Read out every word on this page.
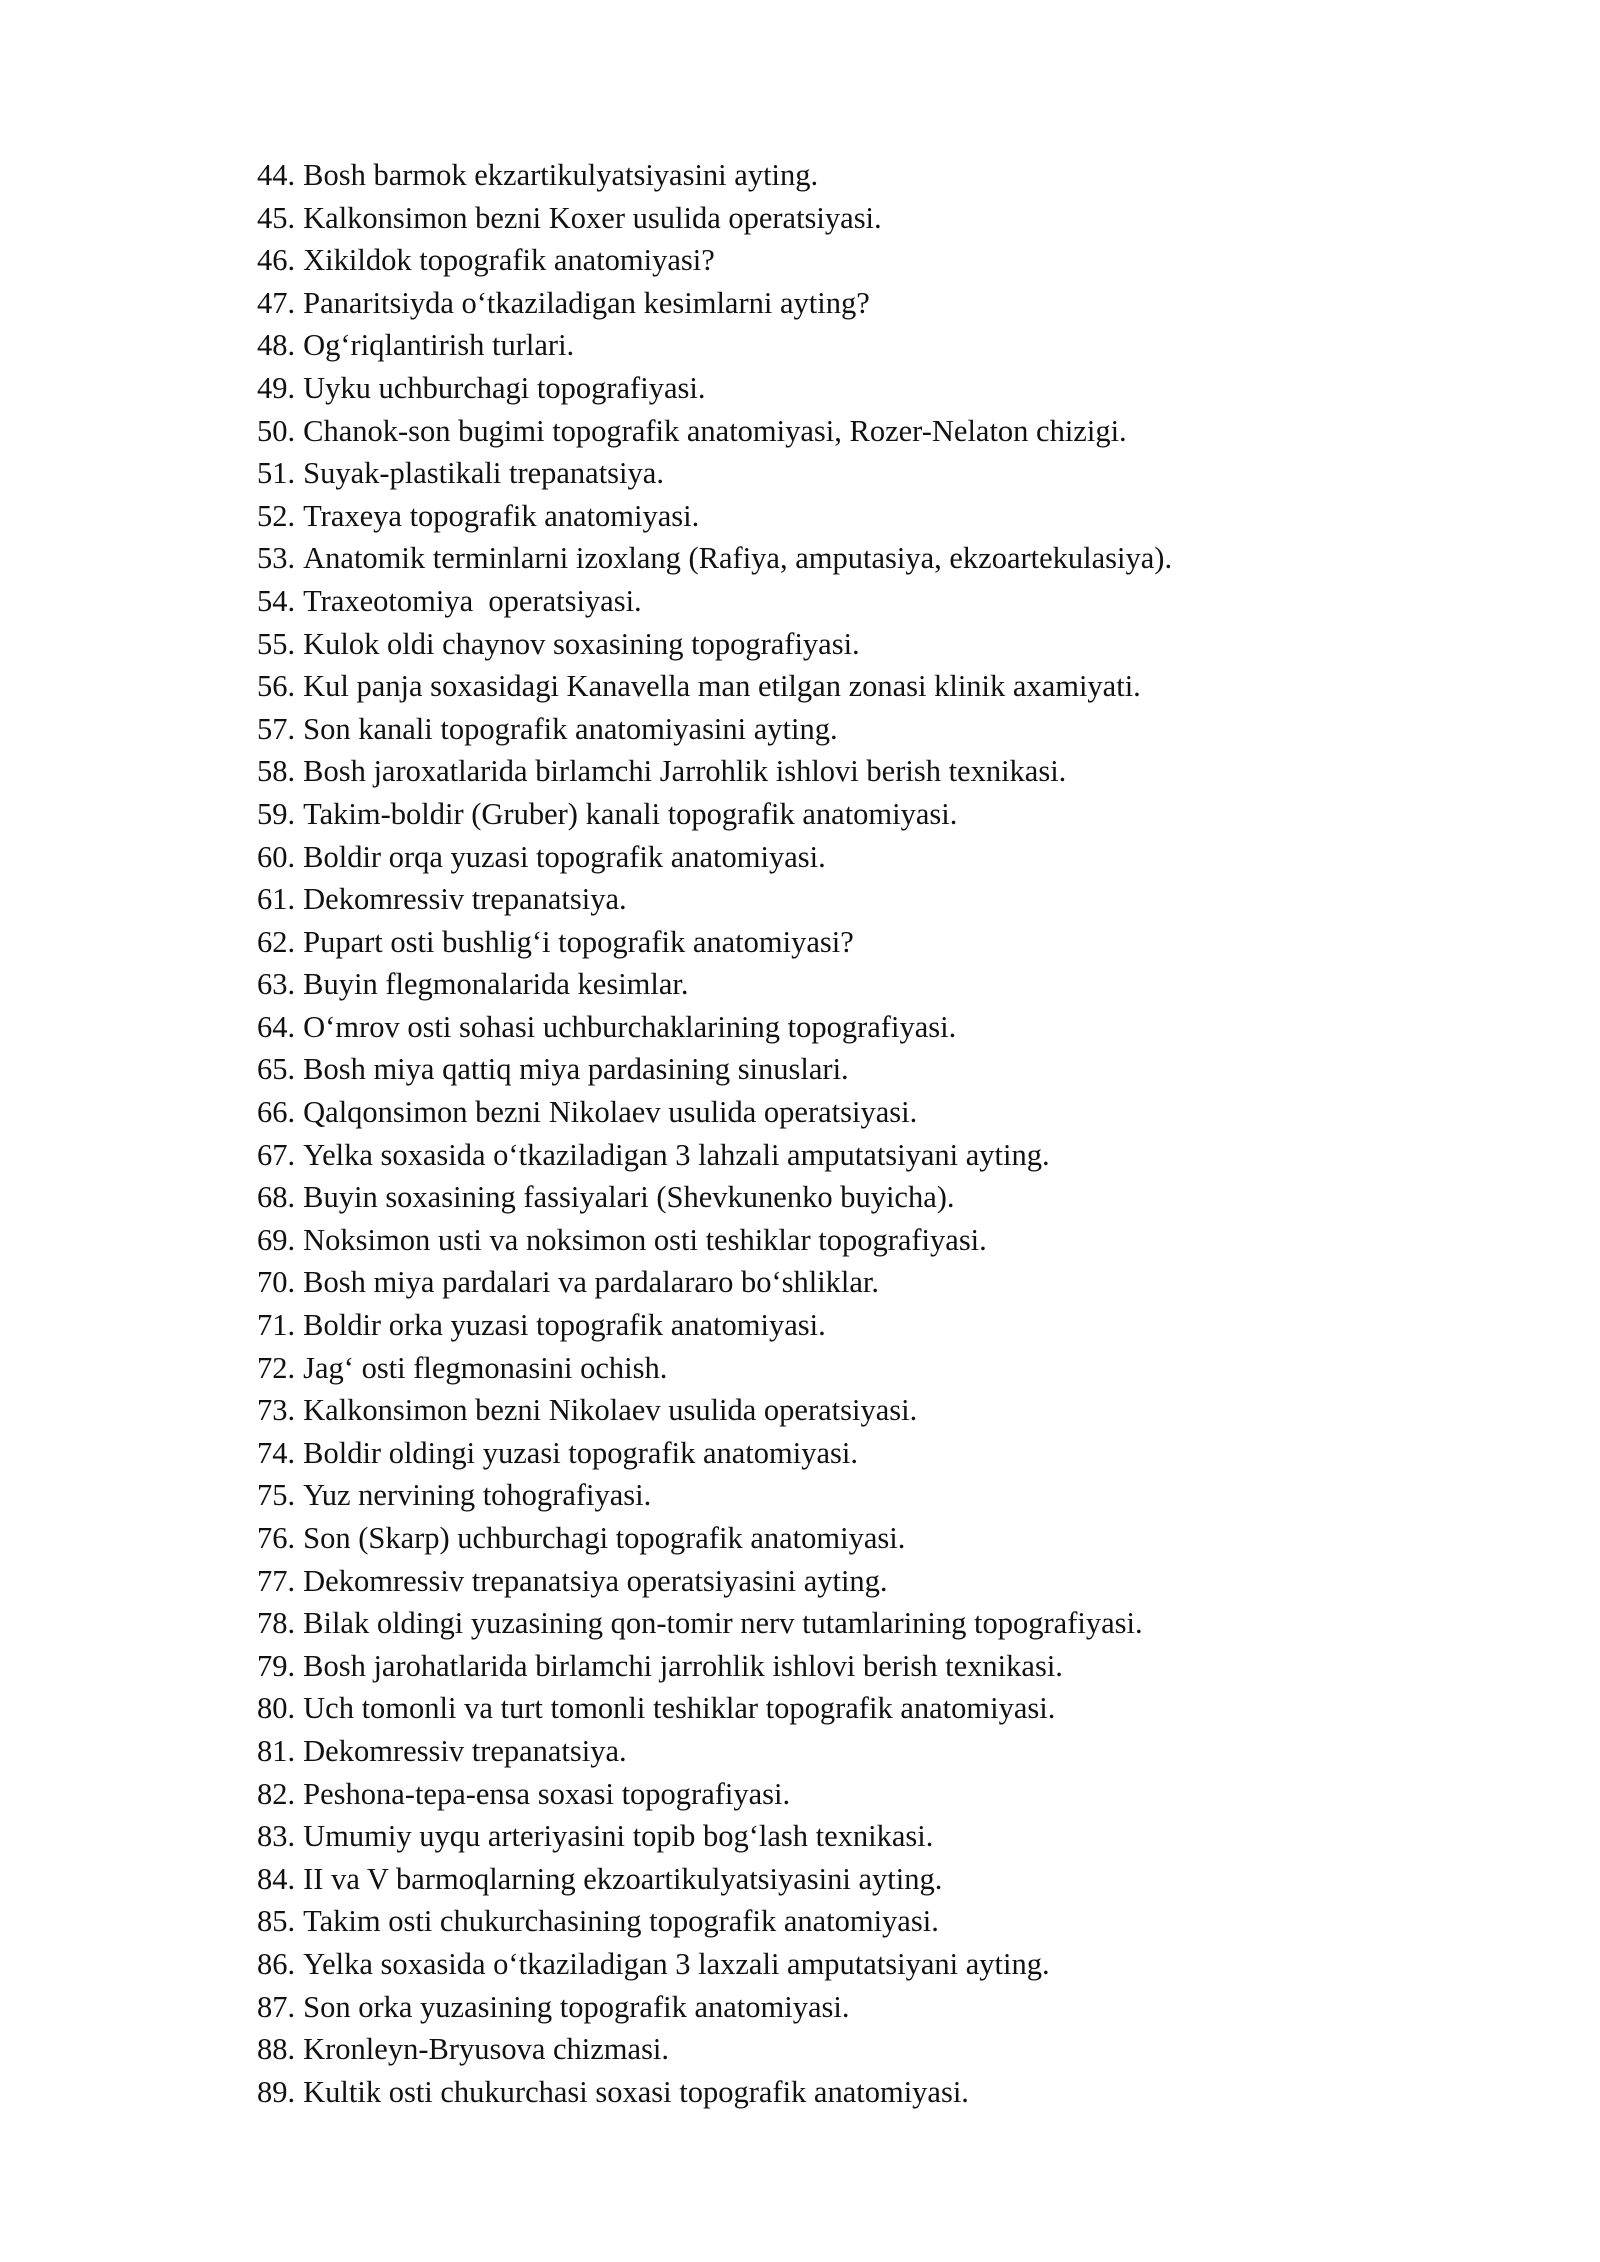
44. Bosh barmok ekzartikulyatsiyasini ayting.
45. Kalkonsimon bezni Koxer usulida operatsiyasi.
46. Xikildok topografik anatomiyasi?
47. Panaritsiyda o‘tkaziladigan kesimlarni ayting?
48. Og‘riqlantirish turlari.
49. Uyku uchburchagi topografiyasi.
50. Chanok-son bugimi topografik anatomiyasi, Rozer-Nelaton chizigi.
51. Suyak-plastikali trepanatsiya.
52. Traxeya topografik anatomiyasi.
53. Anatomik terminlarni izoxlang (Rafiya, amputasiya, ekzoartekulasiya).
54. Traxeotomiya  operatsiyasi.
55. Kulok oldi chaynov soxasining topografiyasi.
56. Kul panja soxasidagi Kanavella man etilgan zonasi klinik axamiyati.
57. Son kanali topografik anatomiyasini ayting.
58. Bosh jaroxatlarida birlamchi Jarrohlik ishlovi berish texnikasi.
59. Takim-boldir (Gruber) kanali topografik anatomiyasi.
60. Boldir orqa yuzasi topografik anatomiyasi.
61. Dekomressiv trepanatsiya.
62. Pupart osti bushlig‘i topografik anatomiyasi?
63. Buyin flegmonalarida kesimlar.
64. O‘mrov osti sohasi uchburchaklarining topografiyasi.
65. Bosh miya qattiq miya pardasining sinuslari.
66. Qalqonsimon bezni Nikolaev usulida operatsiyasi.
67. Yelka soxasida o‘tkaziladigan 3 lahzali amputatsiyani ayting.
68. Buyin soxasining fassiyalari (Shevkunenko buyicha).
69. Noksimon usti va noksimon osti teshiklar topografiyasi.
70. Bosh miya pardalari va pardalararo bo‘shliklar.
71. Boldir orka yuzasi topografik anatomiyasi.
72. Jag‘ osti flegmonasini ochish.
73. Kalkonsimon bezni Nikolaev usulida operatsiyasi.
74. Boldir oldingi yuzasi topografik anatomiyasi.
75. Yuz nervining tohografiyasi.
76. Son (Skarp) uchburchagi topografik anatomiyasi.
77. Dekomressiv trepanatsiya operatsiyasini ayting.
78. Bilak oldingi yuzasining qon-tomir nerv tutamlarining topografiyasi.
79. Bosh jarohatlarida birlamchi jarrohlik ishlovi berish texnikasi.
80. Uch tomonli va turt tomonli teshiklar topografik anatomiyasi.
81. Dekomressiv trepanatsiya.
82. Peshona-tepa-ensa soxasi topografiyasi.
83. Umumiy uyqu arteriyasini topib bog‘lash texnikasi.
84. II va V barmoqlarning ekzoartikulyatsiyasini ayting.
85. Takim osti chukurchasining topografik anatomiyasi.
86. Yelka soxasida o‘tkaziladigan 3 laxzali amputatsiyani ayting.
87. Son orka yuzasining topografik anatomiyasi.
88. Kronleyn-Bryusova chizmasi.
89. Kultik osti chukurchasi soxasi topografik anatomiyasi.
